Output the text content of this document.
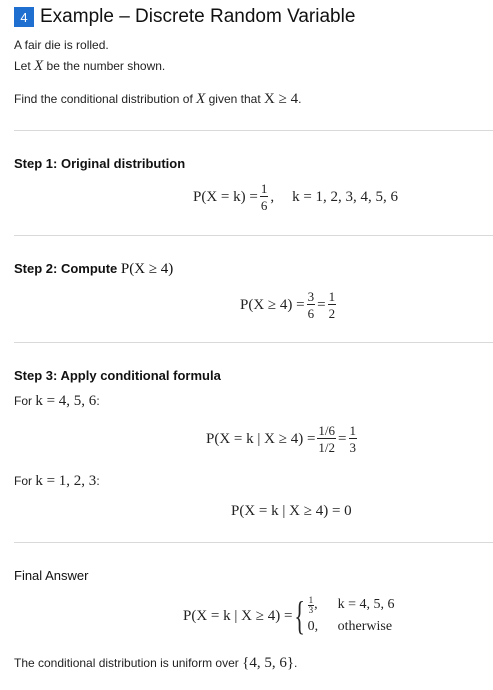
4 Example – Discrete Random Variable
A fair die is rolled.
Let X be the number shown.
Find the conditional distribution of X given that X ≥ 4.
Step 1: Original distribution
$P(X = k) = \frac{1}{6}$ , k = 1, 2, 3, 4, 5, 6
Step 2: Compute P(X ≥ 4)
$P(X \ge 4) = \frac{3}{6} = \frac{1}{2}$
Step 3: Apply conditional formula
For k = 4, 5, 6:
P(X = k | $X \ge 4) = \frac{1/6}{1/2} = \frac{1}{3}$
For k = 1, 2, 3:
P(X = k | X ≥ 4) = 0
Final Answer
P(X = k | X ≥ 4) = { $\frac{1}{3}$ , k = 4, 5, 6
0,	otherwise
The conditional distribution is uniform over {4, 5, 6}.
